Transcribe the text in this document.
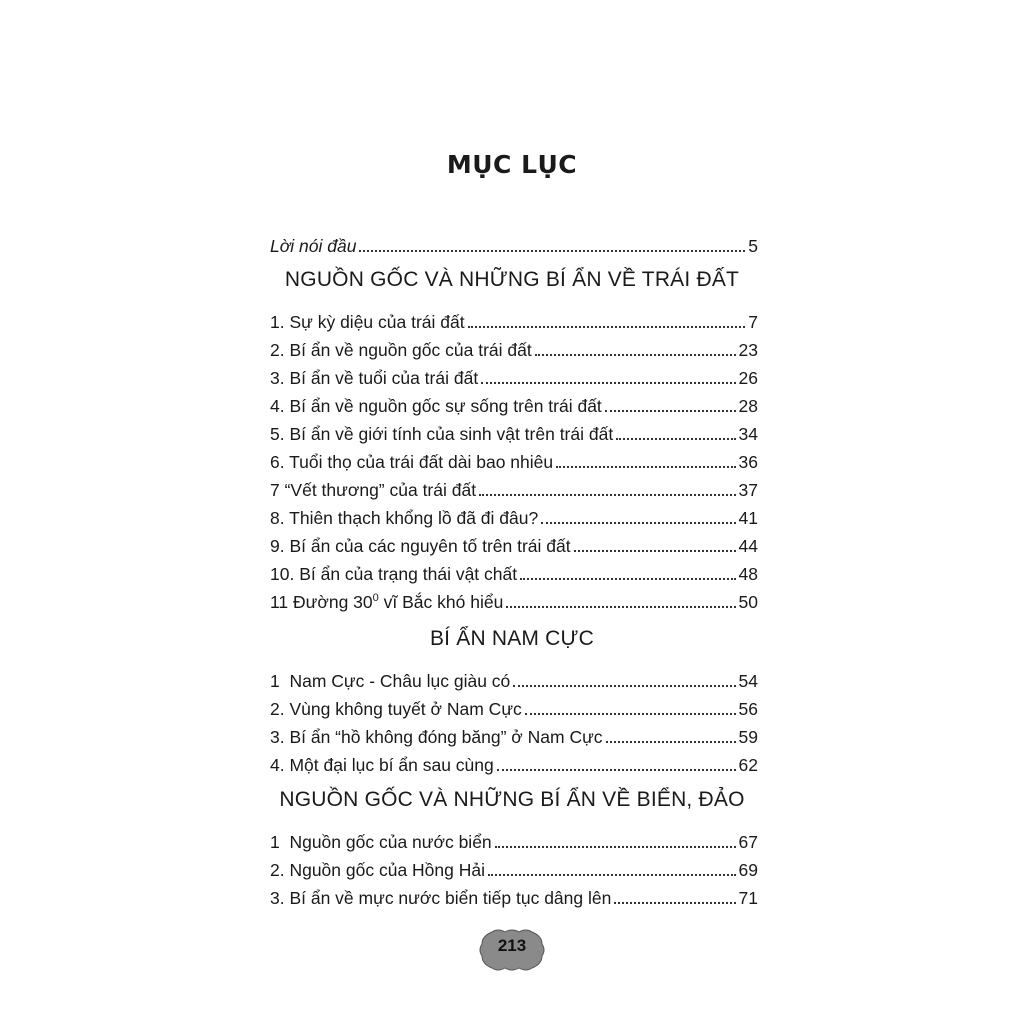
MỤC LỤC
Lời nói đầu	5
1. Sự kỳ diệu của trái đất	7
2. Bí ẩn về nguồn gốc của trái đất	23
3. Bí ẩn về tuổi của trái đất	26
4. Bí ẩn về nguồn gốc sự sống trên trái đất	28
5. Bí ẩn về giới tính của sinh vật trên trái đất	34
6. Tuổi thọ của trái đất dài bao nhiêu	36
7 “Vết thương” của trái đất	37
8. Thiên thạch khổng lồ đã đi đâu?	41
9. Bí ẩn của các nguyên tố trên trái đất	44
10. Bí ẩn của trạng thái vật chất	48
11 Đường $30^0$ vĩ Bắc khó hiểu	50
1  Nam Cực - Châu lục giàu có	54
2. Vùng không tuyết ở Nam Cực	56
3. Bí ẩn “hồ không đóng băng” ở Nam Cực	59
4. Một đại lục bí ẩn sau cùng	62
1  Nguồn gốc của nước biển	67
2. Nguồn gốc của Hồng Hải	69
3. Bí ẩn về mực nước biển tiếp tục dâng lên	71
NGUỒN GỐC VÀ NHỮNG BÍ ẨN VỀ TRÁI ĐẤT
BÍ ẨN NAM CỰC
NGUỒN GỐC VÀ NHỮNG BÍ ẨN VỀ BIỂN, ĐẢO
213
